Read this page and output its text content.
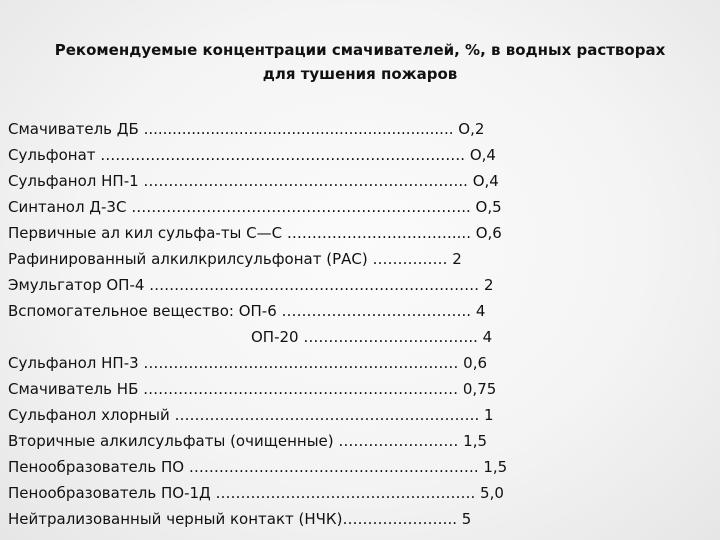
Рекомендуемые концентрации смачивателей, %, в водных растворах
для тушения пожаров
Смачиватель ДБ ................................................................. О,2
Сульфонат ………………………………………………………………. О,4
Сульфанол НП-1 ……………………………………………………….. О,4
Синтанол Д-3С ………………………………………………………….. О,5
Первичные ал кил сульфа-ты С—С …………………………….... О,6
Рафинированный алкилкрилсульфонат (РАС) …………… 2
Эмульгатор ОП-4 ………………………………………………………… 2
Вспомогательное вещество: ОП-6 ……………………………….. 4
ОП-20 …………………………….. 4
Сульфанол НП-3 ……………………………………………………… 0,6
Смачиватель НБ ……………………………………………………… 0,75
Сульфанол хлорный ……………………………………………………. 1
Вторичные алкилсульфаты (очищенные) …………………… 1,5
Пенообразователь ПО …………………………………………………. 1,5
Пенообразователь ПО-1Д ……………………………………………. 5,0
Нейтрализованный черный контакт (НЧК)………………….. 5
